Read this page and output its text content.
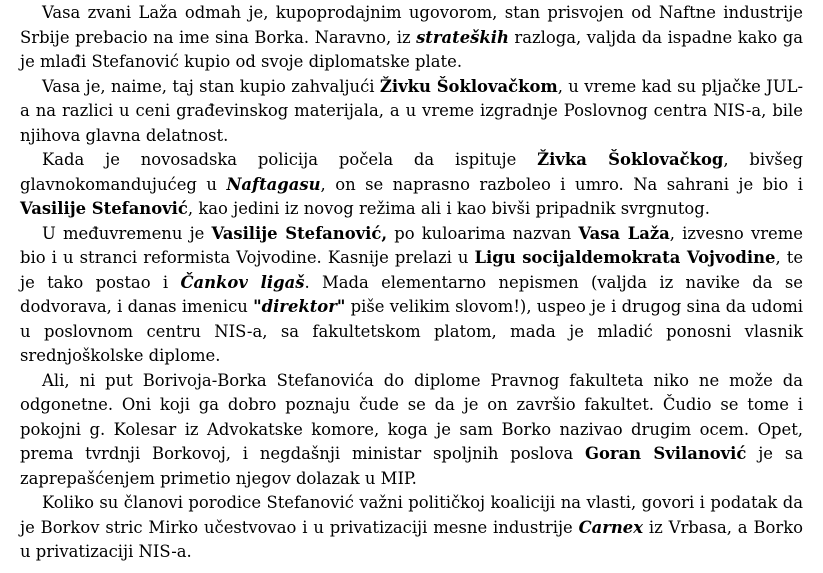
Vasa zvani Laža odmah je, kupoprodajnim ugovorom, stan prisvojen od Naftne industrije Srbije prebacio na ime sina Borka. Naravno, iz strateških razloga, valjda da ispadne kako ga je mlađi Stefanović kupio od svoje diplomatske plate.

Vasa je, naime, taj stan kupio zahvaljući Živku Šoklovačkom, u vreme kad su pljačke JUL-a na razlici u ceni građevinskog materijala, a u vreme izgradnje Poslovnog centra NIS-a, bile njihova glavna delatnost.

Kada je novosadska policija počela da ispituje Živka Šoklovačkog, bivšeg glavnokomandujućeg u Naftagasu, on se naprasno razboleo i umro. Na sahrani je bio i Vasilije Stefanović, kao jedini iz novog režima ali i kao bivši pripadnik svrgnutog.

U međuvremenu je Vasilije Stefanović, po kuloarima nazvan Vasa Laža, izvesno vreme bio i u stranci reformista Vojvodine. Kasnije prelazi u Ligu socijaldemokrata Vojvodine, te je tako postao i Čankov ligaš. Mada elementarno nepismen (valjda iz navike da se dodvorava, i danas imenicu "direktor" piše velikim slovom!), uspeo je i drugog sina da udomi u poslovnom centru NIS-a, sa fakultetskom platom, mada je mladić ponosni vlasnik srednjoškolske diplome.

Ali, ni put Borivoja-Borka Stefanovića do diplome Pravnog fakulteta niko ne može da odgonetne. Oni koji ga dobro poznaju čude se da je on završio fakultet. Čudio se tome i pokojni g. Kolesar iz Advokatske komore, koga je sam Borko nazivao drugim ocem. Opet, prema tvrdnji Borkovoj, i negdašnji ministar spoljnih poslova Goran Svilanović je sa zaprepašćenjem primetio njegov dolazak u MIP.

Koliko su članovi porodice Stefanović važni političkoj koaliciji na vlasti, govori i podatak da je Borkov stric Mirko učestvovao i u privatizaciji mesne industrije Carnex iz Vrbasa, a Borko u privatizaciji NIS-a.
